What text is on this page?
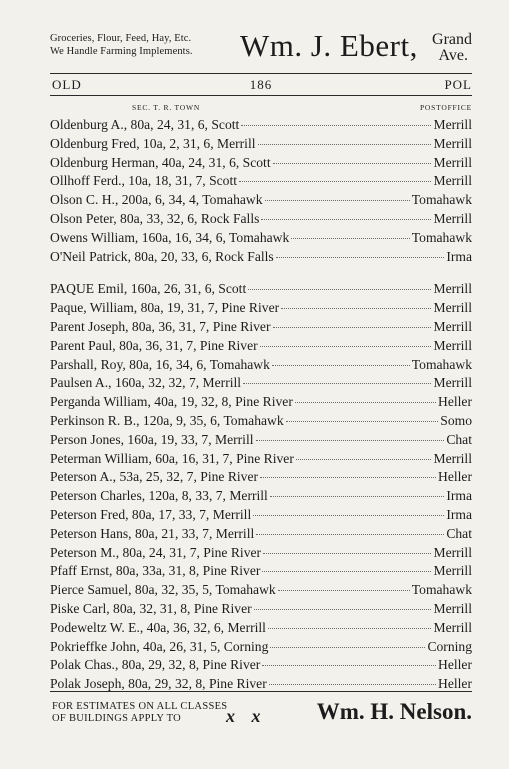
Groceries, Flour, Feed, Hay, Etc.
We Handle Farming Implements. Wm. J. Ebert, Grand
Ave.
OLD	186	POL
SEC. T. R. TOWN	POSTOFFICE
Oldenburg A., 80a, 24, 31, 6, Scott	Merrill
Oldenburg Fred, 10a, 2, 31, 6, Merrill	Merrill
Oldenburg Herman, 40a, 24, 31, 6, Scott	Merrill
Ollhoff Ferd., 10a, 18, 31, 7, Scott	Merrill
Olson C. H., 200a, 6, 34, 4, Tomahawk	Tomahawk
Olson Peter, 80a, 33, 32, 6, Rock Falls	Merrill
Owens William, 160a, 16, 34, 6, Tomahawk	Tomahawk
O'Neil Patrick, 80a, 20, 33, 6, Rock Falls	Irma
PAQUE Emil, 160a, 26, 31, 6, Scott	Merrill
Paque, William, 80a, 19, 31, 7, Pine River	Merrill
Parent Joseph, 80a, 36, 31, 7, Pine River	Merrill
Parent Paul, 80a, 36, 31, 7, Pine River	Merrill
Parshall, Roy, 80a, 16, 34, 6, Tomahawk	Tomahawk
Paulsen A., 160a, 32, 32, 7, Merrill	Merrill
Perganda William, 40a, 19, 32, 8, Pine River	Heller
Perkinson R. B., 120a, 9, 35, 6, Tomahawk	Somo
Person Jones, 160a, 19, 33, 7, Merrill	Chat
Peterman William, 60a, 16, 31, 7, Pine River	Merrill
Peterson A., 53a, 25, 32, 7, Pine River	Heller
Peterson Charles, 120a, 8, 33, 7, Merrill	Irma
Peterson Fred, 80a, 17, 33, 7, Merrill	Irma
Peterson Hans, 80a, 21, 33, 7, Merrill	Chat
Peterson M., 80a, 24, 31, 7, Pine River	Merrill
Pfaff Ernst, 80a, 33a, 31, 8, Pine River	Merrill
Pierce Samuel, 80a, 32, 35, 5, Tomahawk	Tomahawk
Piske Carl, 80a, 32, 31, 8, Pine River	Merrill
Podeweltz W. E., 40a, 36, 32, 6, Merrill	Merrill
Pokrieffke John, 40a, 26, 31, 5, Corning	Corning
Polak Chas., 80a, 29, 32, 8, Pine River	Heller
Polak Joseph, 80a, 29, 32, 8, Pine River	Heller
FOR ESTIMATES ON ALL CLASSES
OF BUILDINGS APPLY TO x x Wm. H. Nelson.
